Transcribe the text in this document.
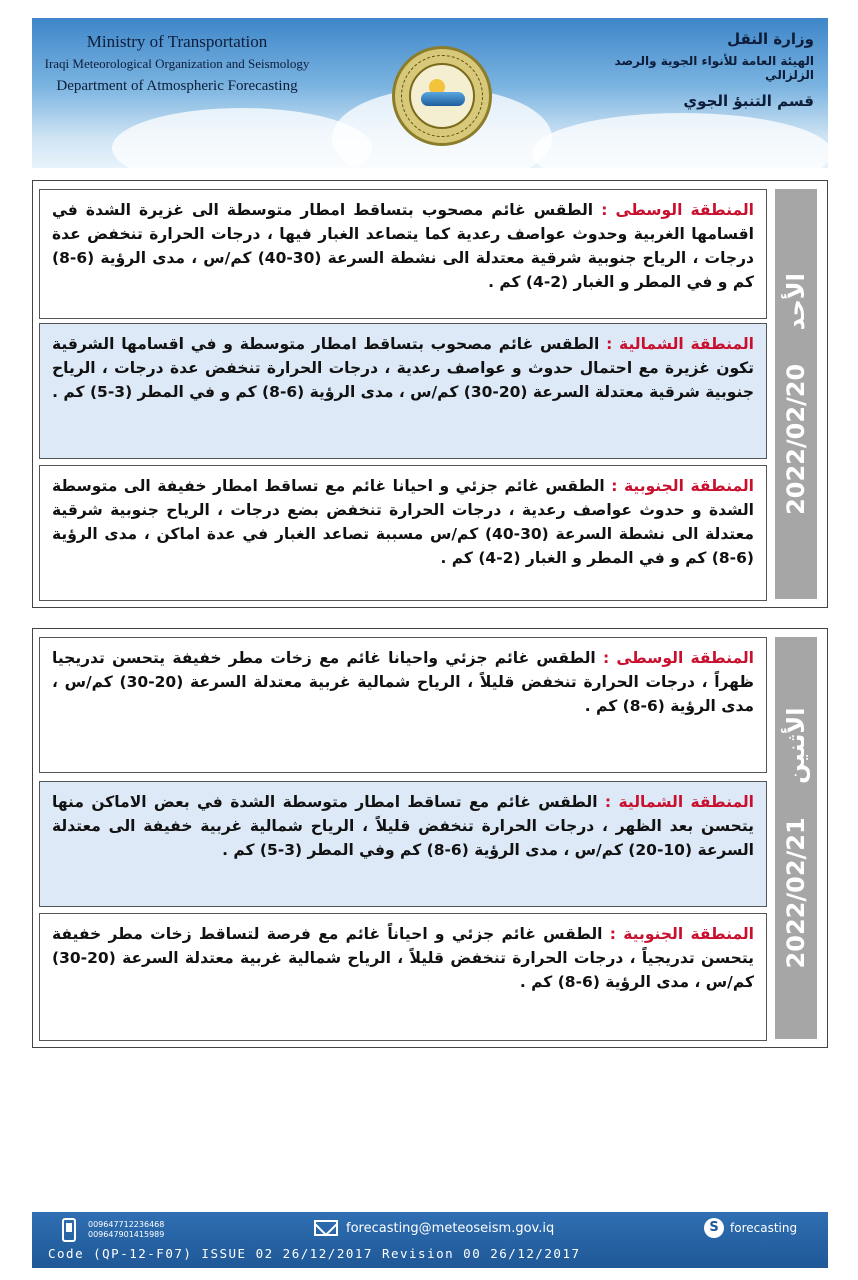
Ministry of Transportation
Iraqi Meteorological Organization and Seismology
Department of Atmospheric Forecasting
وزارة النقل
الهيئة العامة للأنواء الجوية والرصد الزلزالي
قسم التنبؤ الجوي
المنطقة الوسطى : الطقس غائم مصحوب بتساقط امطار متوسطة الى غزيرة الشدة في اقسامها الغربية وحدوث عواصف رعدية كما يتصاعد الغبار فيها ، درجات الحرارة تنخفض عدة درجات ، الرياح جنوبية شرقية معتدلة الى نشطة السرعة (30-40) كم/س ، مدى الرؤية (6-8) كم و في المطر و الغبار (2-4) كم .
المنطقة الشمالية : الطقس غائم مصحوب بتساقط امطار متوسطة و في اقسامها الشرقية تكون غزيرة مع احتمال حدوث و عواصف رعدية ، درجات الحرارة تنخفض عدة درجات ، الرياح جنوبية شرقية معتدلة السرعة (20-30) كم/س ، مدى الرؤية (6-8) كم و في المطر (3-5) كم .
المنطقة الجنوبية : الطقس غائم جزئي و احيانا غائم مع تساقط امطار خفيفة الى متوسطة الشدة و حدوث عواصف رعدية ، درجات الحرارة تنخفض بضع درجات ، الرياح جنوبية شرقية معتدلة الى نشطة السرعة (30-40) كم/س مسببة تصاعد الغبار في عدة اماكن ، مدى الرؤية (6-8) كم و في المطر و الغبار (2-4) كم .
الأحد    2022/02/20
المنطقة الوسطى : الطقس غائم جزئي واحيانا غائم مع زخات مطر خفيفة يتحسن تدريجيا ظهراً ، درجات الحرارة تنخفض قليلاً ، الرياح شمالية غربية معتدلة السرعة (20-30) كم/س ، مدى الرؤية (6-8) كم .
المنطقة الشمالية : الطقس غائم مع تساقط امطار متوسطة الشدة في بعض الاماكن منها يتحسن بعد الظهر ، درجات الحرارة تنخفض قليلاً ، الرياح شمالية غربية خفيفة الى معتدلة السرعة (10-20) كم/س ، مدى الرؤية (6-8) كم وفي المطر (3-5) كم .
المنطقة الجنوبية : الطقس غائم جزئي و احياناً غائم مع فرصة لتساقط زخات مطر خفيفة يتحسن تدريجياً ، درجات الحرارة تنخفض قليلاً ، الرياح شمالية غربية معتدلة السرعة (20-30) كم/س ، مدى الرؤية (6-8) كم .
الأثنين    2022/02/21
009647712236468
009647901415989	forecasting@meteoseism.gov.iq	S forecasting
Code (QP-12-F07) ISSUE 02 26/12/2017 Revision 00 26/12/2017
